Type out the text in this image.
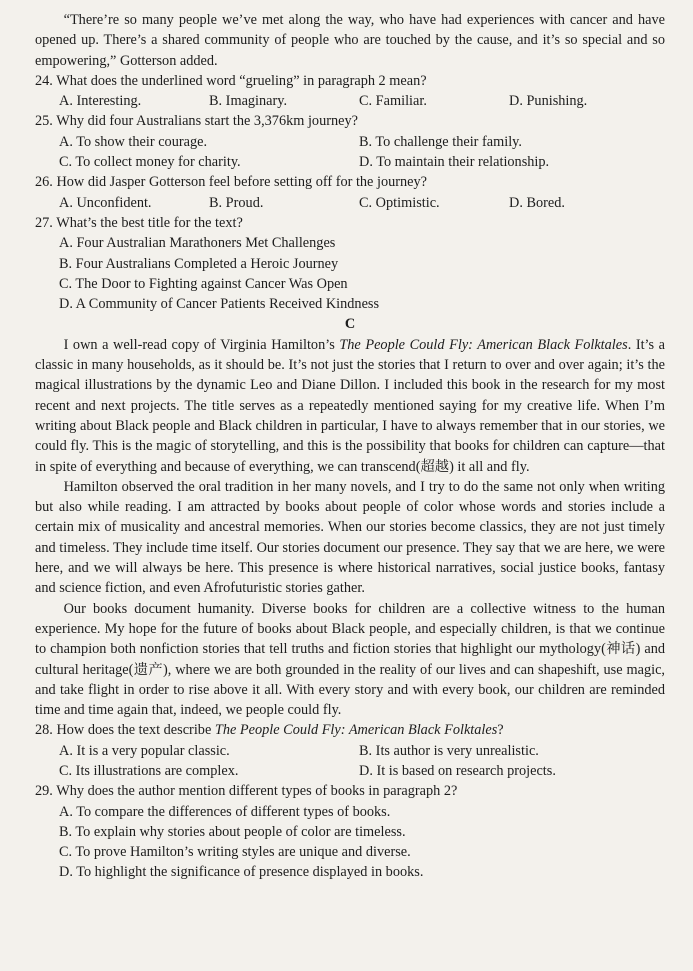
“There’re so many people we’ve met along the way, who have had experiences with cancer and have opened up. There’s a shared community of people who are touched by the cause, and it’s so special and so empowering,” Gotterson added.

24. What does the underlined word “grueling” in paragraph 2 mean?

A. Interesting.	B. Imaginary.	C. Familiar.	D. Punishing.

25. Why did four Australians start the 3,376km journey?

A. To show their courage.	B. To challenge their family.
C. To collect money for charity.	D. To maintain their relationship.

26. How did Jasper Gotterson feel before setting off for the journey?

A. Unconfident.	B. Proud.	C. Optimistic.	D. Bored.

27. What’s the best title for the text?

A. Four Australian Marathoners Met Challenges

B. Four Australians Completed a Heroic Journey

C. The Door to Fighting against Cancer Was Open

D. A Community of Cancer Patients Received Kindness

C

I own a well-read copy of Virginia Hamilton’s The People Could Fly: American Black Folktales. It’s a classic in many households, as it should be. It’s not just the stories that I return to over and over again; it’s the magical illustrations by the dynamic Leo and Diane Dillon. I included this book in the research for my most recent and next projects. The title serves as a repeatedly mentioned saying for my creative life. When I’m writing about Black people and Black children in particular, I have to always remember that in our stories, we could fly. This is the magic of storytelling, and this is the possibility that books for children can capture—that in spite of everything and because of everything, we can transcend(超越) it all and fly.

Hamilton observed the oral tradition in her many novels, and I try to do the same not only when writing but also while reading. I am attracted by books about people of color whose words and stories include a certain mix of musicality and ancestral memories. When our stories become classics, they are not just timely and timeless. They include time itself. Our stories document our presence. They say that we are here, we were here, and we will always be here. This presence is where historical narratives, social justice books, fantasy and science fiction, and even Afrofuturistic stories gather.

Our books document humanity. Diverse books for children are a collective witness to the human experience. My hope for the future of books about Black people, and especially children, is that we continue to champion both nonfiction stories that tell truths and fiction stories that highlight our mythology(神话) and cultural heritage(遗产), where we are both grounded in the reality of our lives and can shapeshift, use magic, and take flight in order to rise above it all. With every story and with every book, our children are reminded time and time again that, indeed, we people could fly.

28. How does the text describe The People Could Fly: American Black Folktales?

A. It is a very popular classic.	B. Its author is very unrealistic.
C. Its illustrations are complex.	D. It is based on research projects.

29. Why does the author mention different types of books in paragraph 2?

A. To compare the differences of different types of books.

B. To explain why stories about people of color are timeless.

C. To prove Hamilton’s writing styles are unique and diverse.

D. To highlight the significance of presence displayed in books.
